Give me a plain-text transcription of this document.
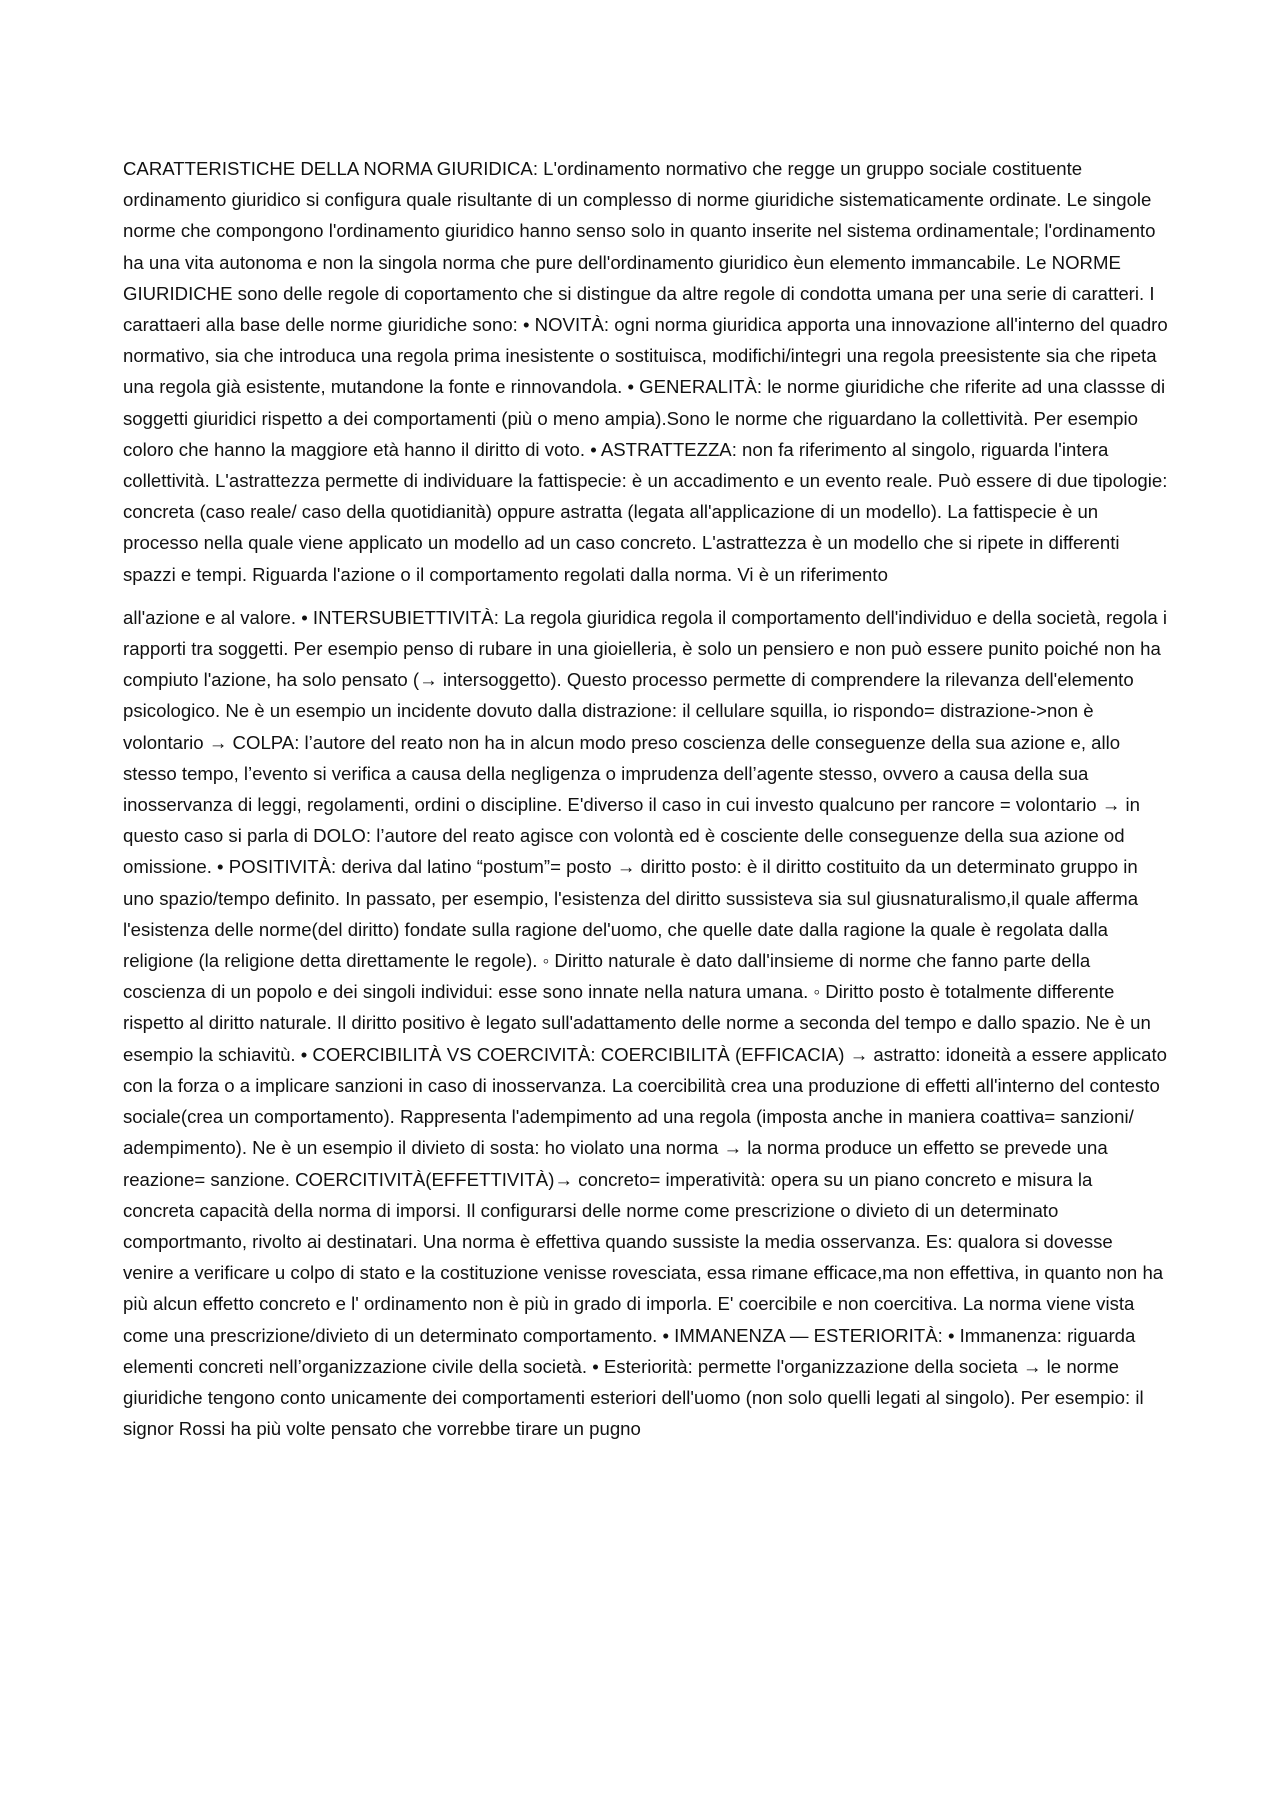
CARATTERISTICHE DELLA NORMA GIURIDICA: L'ordinamento normativo che regge un gruppo sociale costituente ordinamento giuridico si configura quale risultante di un complesso di norme giuridiche sistematicamente ordinate. Le singole norme che compongono l'ordinamento giuridico hanno senso solo in quanto inserite nel sistema ordinamentale; l'ordinamento ha una vita autonoma e non la singola norma che pure dell'ordinamento giuridico èun elemento immancabile. Le NORME GIURIDICHE sono delle regole di coportamento che si distingue da altre regole di condotta umana per una serie di caratteri. I carattaeri alla base delle norme giuridiche sono: • NOVITÀ: ogni norma giuridica apporta una innovazione all'interno del quadro normativo, sia che introduca una regola prima inesistente o sostituisca, modifichi/integri una regola preesistente sia che ripeta una regola già esistente, mutandone la fonte e rinnovandola. • GENERALITÀ: le norme giuridiche che riferite ad una classse di soggetti giuridici rispetto a dei comportamenti (più o meno ampia).Sono le norme che riguardano la collettività. Per esempio coloro che hanno la maggiore età hanno il diritto di voto. • ASTRATTEZZA: non fa riferimento al singolo, riguarda l'intera collettività. L'astrattezza permette di individuare la fattispecie: è un accadimento e un evento reale. Può essere di due tipologie: concreta (caso reale/ caso della quotidianità) oppure astratta (legata all'applicazione di un modello). La fattispecie è un processo nella quale viene applicato un modello ad un caso concreto. L'astrattezza è un modello che si ripete in differenti spazzi e tempi. Riguarda l'azione o il comportamento regolati dalla norma. Vi è un riferimento

all'azione e al valore. • INTERSUBIETTIVITÀ: La regola giuridica regola il comportamento dell'individuo e della società, regola i rapporti tra soggetti. Per esempio penso di rubare in una gioielleria, è solo un pensiero e non può essere punito poiché non ha compiuto l'azione, ha solo pensato (→ intersoggetto). Questo processo permette di comprendere la rilevanza dell'elemento psicologico. Ne è un esempio un incidente dovuto dalla distrazione: il cellulare squilla, io rispondo= distrazione->non è volontario → COLPA: l’autore del reato non ha in alcun modo preso coscienza delle conseguenze della sua azione e, allo stesso tempo, l’evento si verifica a causa della negligenza o imprudenza dell’agente stesso, ovvero a causa della sua inosservanza di leggi, regolamenti, ordini o discipline. E'diverso il caso in cui investo qualcuno per rancore = volontario → in questo caso si parla di DOLO: l’autore del reato agisce con volontà ed è cosciente delle conseguenze della sua azione od omissione. • POSITIVITÀ: deriva dal latino “postum”= posto → diritto posto: è il diritto costituito da un determinato gruppo in uno spazio/tempo definito. In passato, per esempio, l'esistenza del diritto sussisteva sia sul giusnaturalismo,il quale afferma l'esistenza delle norme(del diritto) fondate sulla ragione del'uomo, che quelle date dalla ragione la quale è regolata dalla religione (la religione detta direttamente le regole). ◦ Diritto naturale è dato dall'insieme di norme che fanno parte della coscienza di un popolo e dei singoli individui: esse sono innate nella natura umana. ◦ Diritto posto è totalmente differente rispetto al diritto naturale. Il diritto positivo è legato sull'adattamento delle norme a seconda del tempo e dallo spazio. Ne è un esempio la schiavitù. • COERCIBILITÀ VS COERCIVITÀ: COERCIBILITÀ (EFFICACIA) → astratto: idoneità a essere applicato con la forza o a implicare sanzioni in caso di inosservanza. La coercibilità crea una produzione di effetti all'interno del contesto sociale(crea un comportamento). Rappresenta l'adempimento ad una regola (imposta anche in maniera coattiva= sanzioni/ adempimento). Ne è un esempio il divieto di sosta: ho violato una norma → la norma produce un effetto se prevede una reazione= sanzione. COERCITIVITÀ(EFFETTIVITÀ)→ concreto= imperatività: opera su un piano concreto e misura la concreta capacità della norma di imporsi. Il configurarsi delle norme come prescrizione o divieto di un determinato comportmanto, rivolto ai destinatari. Una norma è effettiva quando sussiste la media osservanza. Es: qualora si dovesse venire a verificare u colpo di stato e la costituzione venisse rovesciata, essa rimane efficace,ma non effettiva, in quanto non ha più alcun effetto concreto e l' ordinamento non è più in grado di imporla. E' coercibile e non coercitiva. La norma viene vista come una prescrizione/divieto di un determinato comportamento. • IMMANENZA — ESTERIORITÀ: • Immanenza: riguarda elementi concreti nell’organizzazione civile della società. • Esteriorità: permette l'organizzazione della societa → le norme giuridiche tengono conto unicamente dei comportamenti esteriori dell'uomo (non solo quelli legati al singolo). Per esempio: il signor Rossi ha più volte pensato che vorrebbe tirare un pugno
